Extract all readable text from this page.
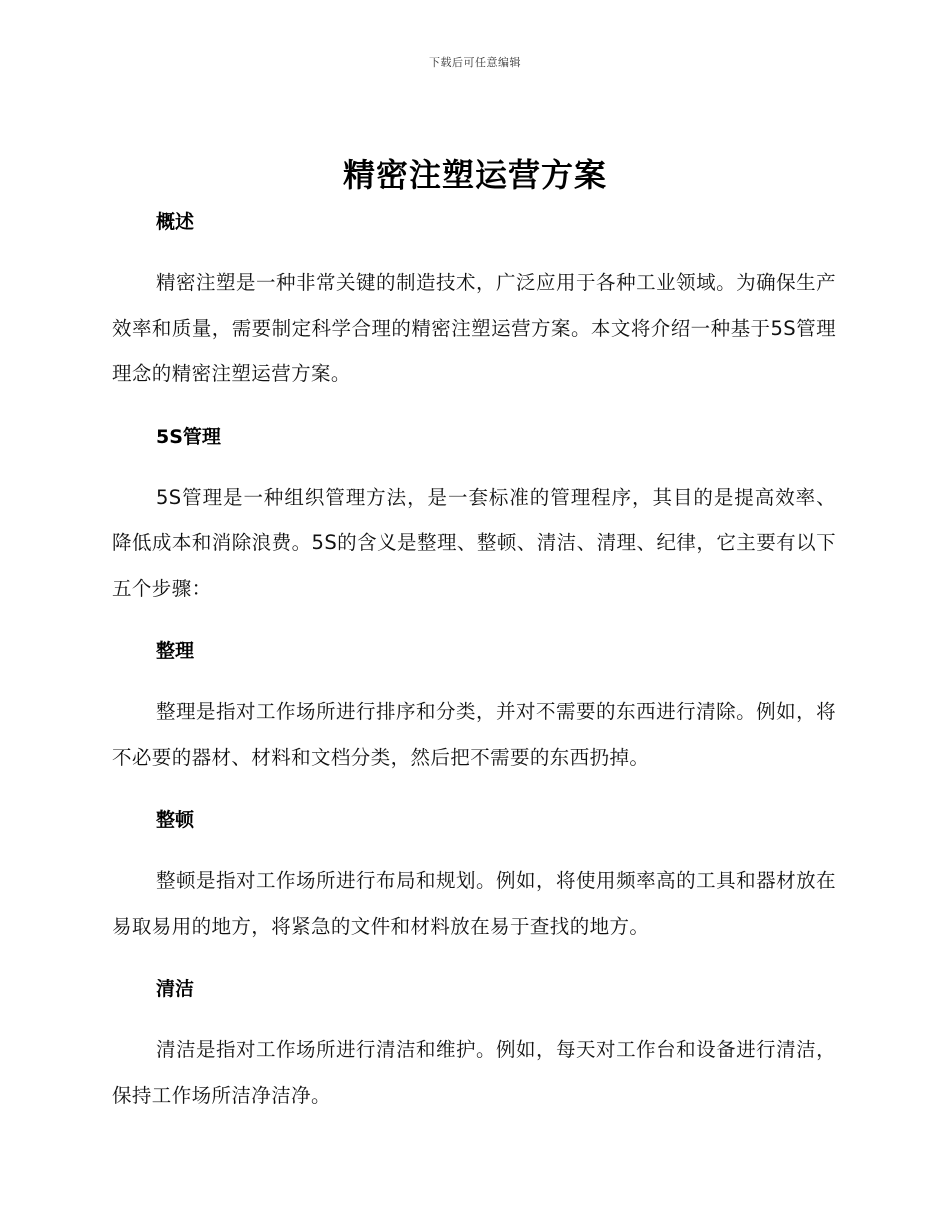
下载后可任意编辑
精密注塑运营方案
概述

精密注塑是一种非常关键的制造技术，广泛应用于各种工业领域。为确保生产效率和质量，需要制定科学合理的精密注塑运营方案。本文将介绍一种基于5S管理理念的精密注塑运营方案。

5S管理

5S管理是一种组织管理方法，是一套标准的管理程序，其目的是提高效率、降低成本和消除浪费。5S的含义是整理、整顿、清洁、清理、纪律，它主要有以下五个步骤：

整理

整理是指对工作场所进行排序和分类，并对不需要的东西进行清除。例如，将不必要的器材、材料和文档分类，然后把不需要的东西扔掉。

整顿

整顿是指对工作场所进行布局和规划。例如，将使用频率高的工具和器材放在易取易用的地方，将紧急的文件和材料放在易于查找的地方。

清洁

清洁是指对工作场所进行清洁和维护。例如，每天对工作台和设备进行清洁，保持工作场所洁净洁净。
